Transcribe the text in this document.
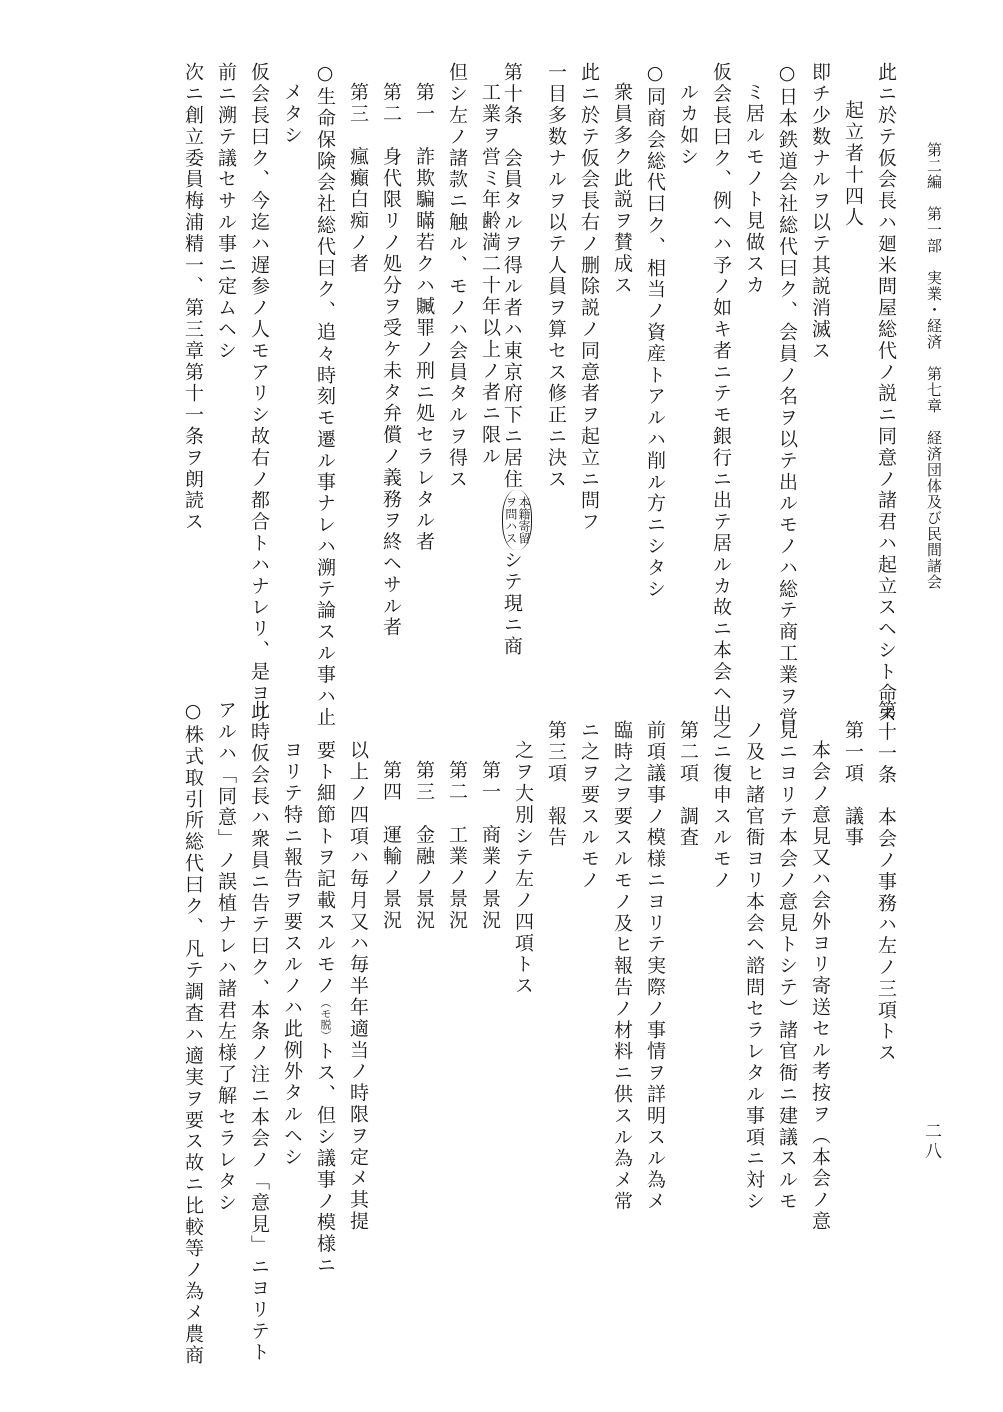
第二編　第一部　実業・経済　第七章　経済団体及び民間諸会
二八
此ニ於テ仮会長ハ廻米問屋総代ノ説ニ同意ノ諸君ハ起立スヘシト命ス
起立者十四人
即チ少数ナルヲ以テ其説消滅ス
○日本鉄道会社総代曰ク、会員ノ名ヲ以テ出ルモノハ総テ商工業ヲ営
ミ居ルモノト見做スカ
仮会長曰ク、例ヘハ予ノ如キ者ニテモ銀行ニ出テ居ルカ故ニ本会ヘ出
ルカ如シ
○同商会総代曰ク、相当ノ資産トアルハ削ル方ニシタシ
衆員多ク此説ヲ賛成ス
此ニ於テ仮会長右ノ删除説ノ同意者ヲ起立ニ問フ
一目多数ナルヲ以テ人員ヲ算セス修正ニ決ス
第十条　会員タルヲ得ル者ハ東京府下ニ居住本籍寄留
ヲ問ハスシテ現ニ商
工業ヲ営ミ年齢満二十年以上ノ者ニ限ル
但シ左ノ諸款ニ触ル、モノハ会員タルヲ得ス
第一　詐欺騙瞞若クハ贓罪ノ刑ニ処セラレタル者
第二　身代限リノ処分ヲ受ケ未タ弁償ノ義務ヲ終ヘサル者
第三　瘋癲白痴ノ者
○生命保険会社総代曰ク、追々時刻モ遷ル事ナレハ溯テ論スル事ハ止
メタシ
仮会長曰ク、今迄ハ遅参ノ人モアリシ故右ノ都合トハナレリ、是ヨリ
前ニ溯テ議セサル事ニ定ムヘシ
次ニ創立委員梅浦精一、第三章第十一条ヲ朗読ス
第十一条　本会ノ事務ハ左ノ三項トス
第一項　議事
本会ノ意見又ハ会外ヨリ寄送セル考按ヲ（本会ノ意
見ニヨリテ本会ノ意見トシテ）諸官衙ニ建議スルモ
ノ及ヒ諸官衙ヨリ本会ヘ諮問セラレタル事項ニ対シ
之ニ復申スルモノ
第二項　調査
前項議事ノ模様ニヨリテ実際ノ事情ヲ詳明スル為メ
臨時之ヲ要スルモノ及ヒ報告ノ材料ニ供スル為メ常
ニ之ヲ要スルモノ
第三項　報告
之ヲ大別シテ左ノ四項トス
第一　商業ノ景況
第二　工業ノ景況
第三　金融ノ景況
第四　運輸ノ景況
以上ノ四項ハ毎月又ハ毎半年適当ノ時限ヲ定メ其提
要ト細節トヲ記載スルモノ（モ脱）トス、但シ議事ノ模様ニ
ヨリテ特ニ報告ヲ要スルノハ此例外タルヘシ
此時仮会長ハ衆員ニ告テ曰ク、本条ノ注ニ本会ノ「意見」ニヨリテト
アルハ「同意」ノ誤植ナレハ諸君左様了解セラレタシ
○株式取引所総代曰ク、凡テ調査ハ適実ヲ要ス故ニ比較等ノ為メ農商
